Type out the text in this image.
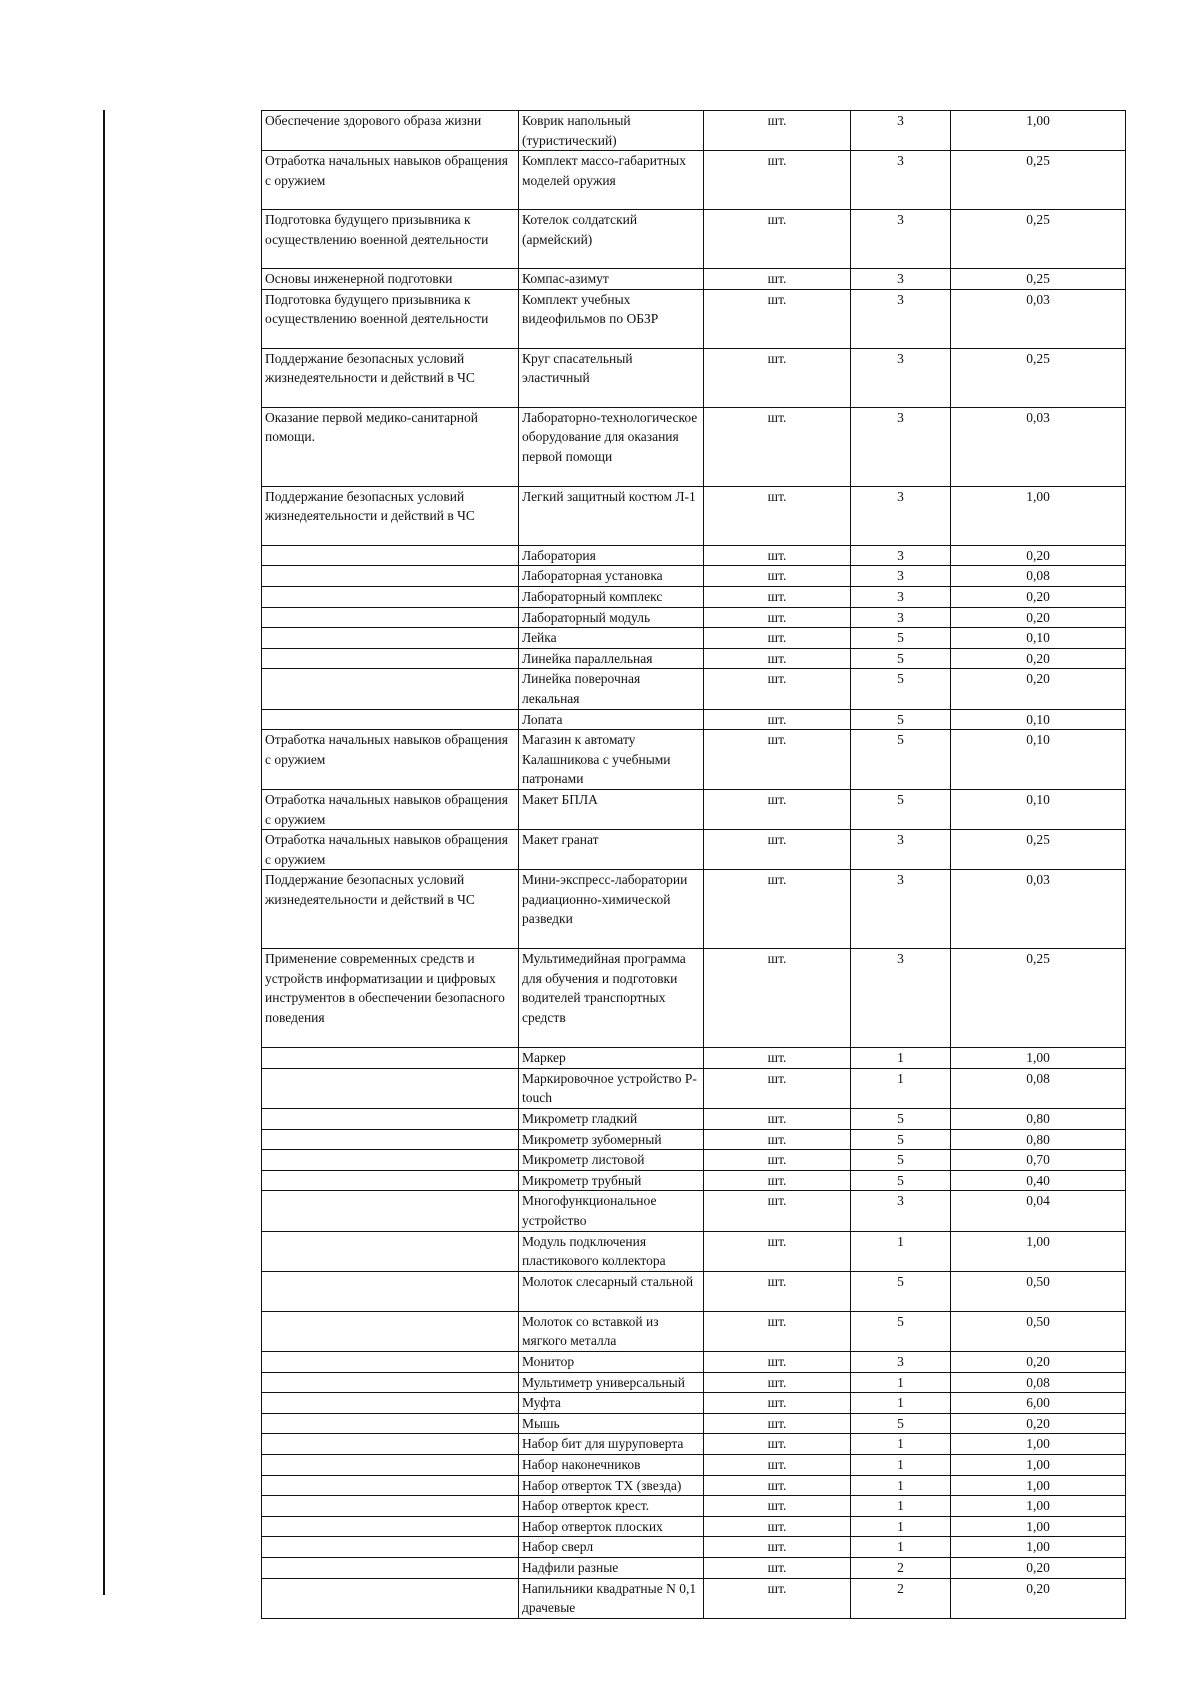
Обеспечение здорового образа жизни	Коврик напольный (туристический)	шт.	3	1,00
Отработка начальных навыков обращения с оружием	Комплект массо-габаритных моделей оружия	шт.	3	0,25
Подготовка будущего призывника к осуществлению военной деятельности	Котелок солдатский (армейский)	шт.	3	0,25
Основы инженерной подготовки	Компас-азимут	шт.	3	0,25
Подготовка будущего призывника к осуществлению военной деятельности	Комплект учебных видеофильмов по ОБЗР	шт.	3	0,03
Поддержание безопасных условий жизнедеятельности и действий в ЧС	Круг спасательный эластичный	шт.	3	0,25
Оказание первой медико-санитарной помощи.	Лабораторно-технологическое оборудование для оказания первой помощи	шт.	3	0,03
Поддержание безопасных условий жизнедеятельности и действий в ЧС	Легкий защитный костюм Л-1	шт.	3	1,00
	Лаборатория	шт.	3	0,20
	Лабораторная установка	шт.	3	0,08
	Лабораторный комплекс	шт.	3	0,20
	Лабораторный модуль	шт.	3	0,20
	Лейка	шт.	5	0,10
	Линейка параллельная	шт.	5	0,20
	Линейка поверочная лекальная	шт.	5	0,20
	Лопата	шт.	5	0,10
Отработка начальных навыков обращения с оружием	Магазин к автомату Калашникова с учебными патронами	шт.	5	0,10
Отработка начальных навыков обращения с оружием	Макет БПЛА	шт.	5	0,10
Отработка начальных навыков обращения с оружием	Макет гранат	шт.	3	0,25
Поддержание безопасных условий жизнедеятельности и действий в ЧС	Мини-экспресс-лаборатории радиационно-химической разведки	шт.	3	0,03
Применение современных средств и устройств информатизации и цифровых инструментов в обеспечении безопасного поведения	Мультимедийная программа для обучения и подготовки водителей транспортных средств	шт.	3	0,25
	Маркер	шт.	1	1,00
	Маркировочное устройство P-touch	шт.	1	0,08
	Микрометр гладкий	шт.	5	0,80
	Микрометр зубомерный	шт.	5	0,80
	Микрометр листовой	шт.	5	0,70
	Микрометр трубный	шт.	5	0,40
	Многофункциональное устройство	шт.	3	0,04
	Модуль подключения пластикового коллектора	шт.	1	1,00
	Молоток слесарный стальной	шт.	5	0,50
	Молоток со вставкой из мягкого металла	шт.	5	0,50
	Монитор	шт.	3	0,20
	Мультиметр универсальный	шт.	1	0,08
	Муфта	шт.	1	6,00
	Мышь	шт.	5	0,20
	Набор бит для шуруповерта	шт.	1	1,00
	Набор наконечников	шт.	1	1,00
	Набор отверток ТХ (звезда)	шт.	1	1,00
	Набор отверток крест.	шт.	1	1,00
	Набор отверток плоских	шт.	1	1,00
	Набор сверл	шт.	1	1,00
	Надфили разные	шт.	2	0,20
	Напильники квадратные N 0,1 драчевые	шт.	2	0,20
